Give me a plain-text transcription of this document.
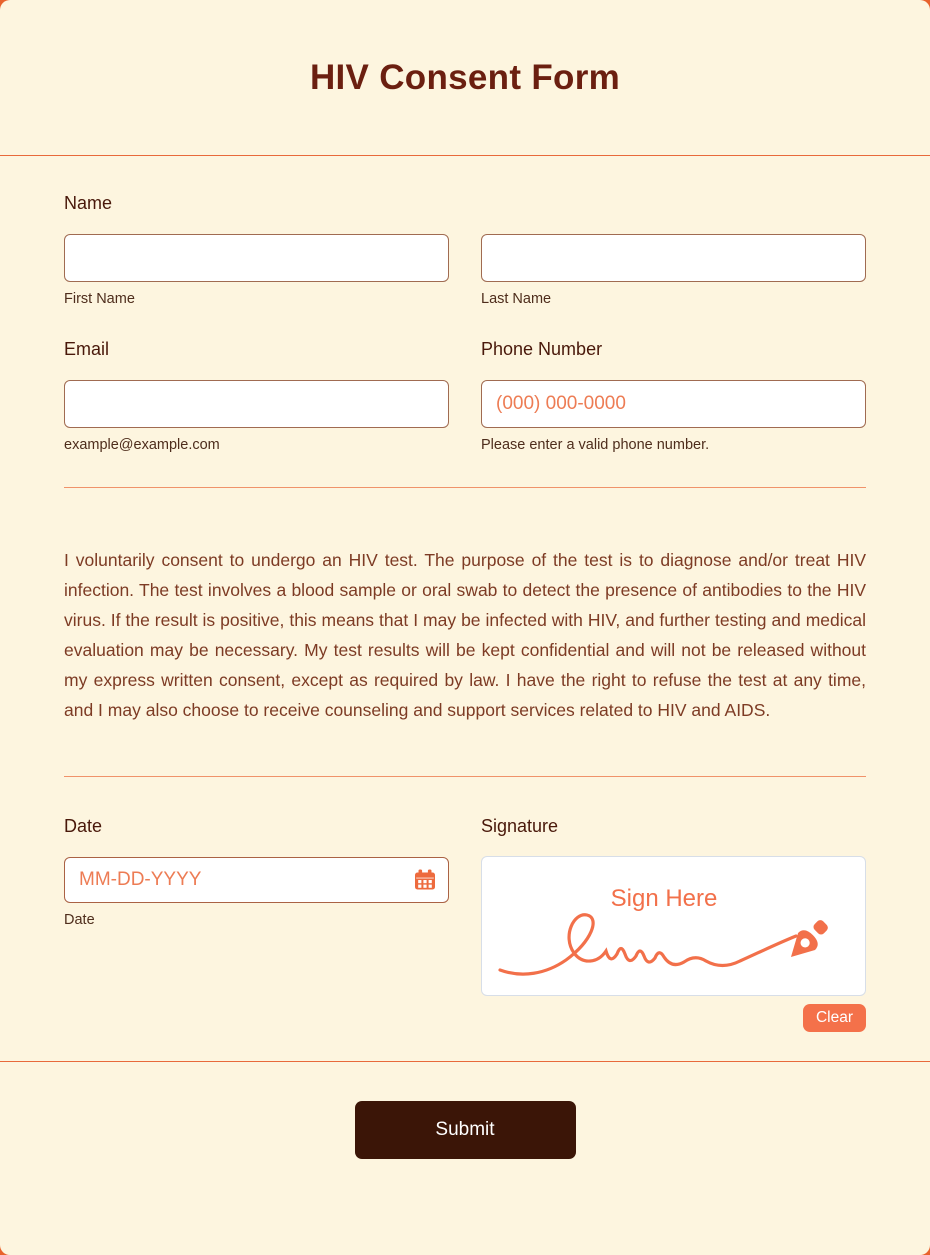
HIV Consent Form
Name
First Name	Last Name
Email
example@example.com
Phone Number
(000) 000-0000
Please enter a valid phone number.

I voluntarily consent to undergo an HIV test. The purpose of the test is to diagnose and/or treat HIV infection. The test involves a blood sample or oral swab to detect the presence of antibodies to the HIV virus. If the result is positive, this means that I may be infected with HIV, and further testing and medical evaluation may be necessary. My test results will be kept confidential and will not be released without my express written consent, except as required by law. I have the right to refuse the test at any time, and I may also choose to receive counseling and support services related to HIV and AIDS.

Date
MM-DD-YYYY
Date
Signature
Sign Here
Clear
Submit
